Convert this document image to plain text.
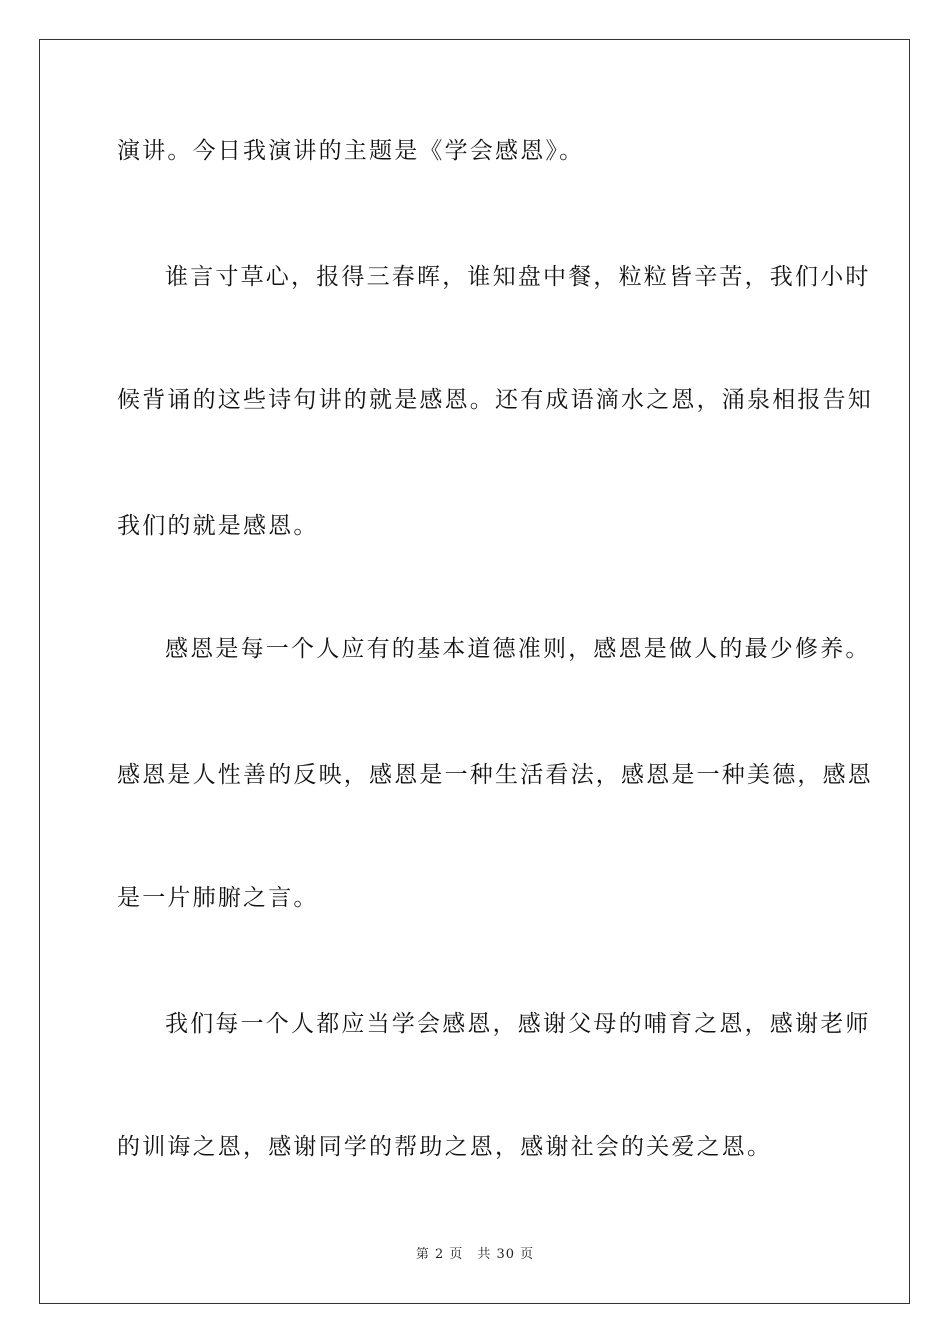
演讲。今日我演讲的主题是《学会感恩》。
谁言寸草心，报得三春晖，谁知盘中餐，粒粒皆辛苦，我们小时
候背诵的这些诗句讲的就是感恩。还有成语滴水之恩，涌泉相报告知
我们的就是感恩。
感恩是每一个人应有的基本道德准则，感恩是做人的最少修养。
感恩是人性善的反映，感恩是一种生活看法，感恩是一种美德，感恩
是一片肺腑之言。
我们每一个人都应当学会感恩，感谢父母的哺育之恩，感谢老师
的训诲之恩，感谢同学的帮助之恩，感谢社会的关爱之恩。
第 2 页　共 30 页
